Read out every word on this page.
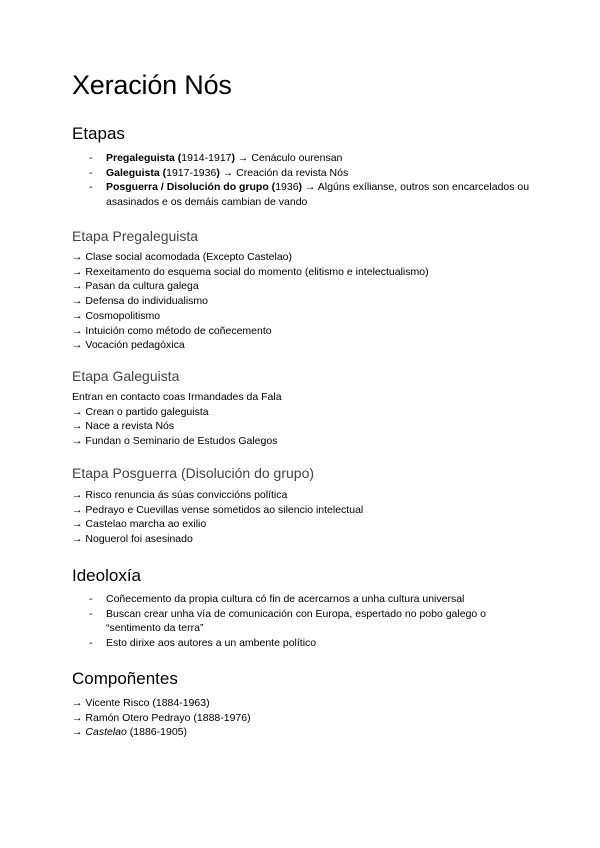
Xeración Nós
Etapas
- Pregaleguista (1914-1917) → Cenáculo ourensan
- Galeguista (1917-1936) → Creación da revista Nós
- Posguerra / Disolución do grupo (1936) → Algúns exílianse, outros son encarcelados ou asasinados e os demáis cambian de vando
Etapa Pregaleguista
→ Clase social acomodada (Excepto Castelao)
→ Rexeitamento do esquema social do momento (elitismo e intelectualismo)
→ Pasan da cultura galega
→ Defensa do individualismo
→ Cosmopolitismo
→ Intuición como método de coñecemento
→ Vocación pedagóxica
Etapa Galeguista
Entran en contacto coas Irmandades da Fala
→ Crean o partido galeguista
→ Nace a revista Nós
→ Fundan o Seminario de Estudos Galegos
Etapa Posguerra (Disolución do grupo)
→ Risco renuncia ás súas conviccións política
→ Pedrayo e Cuevillas vense sometidos ao silencio intelectual
→ Castelao marcha ao exilio
→ Noguerol foi asesinado
Ideoloxía
- Coñecemento da propia cultura có fin de acercarnos a unha cultura universal
- Buscan crear unha vía de comunicación con Europa, espertado no pobo galego o “sentimento da terra”
- Esto dirixe aos autores a un ambente político
Compoñentes
→ Vicente Risco (1884-1963)
→ Ramón Otero Pedrayo (1888-1976)
→ Castelao (1886-1905)
